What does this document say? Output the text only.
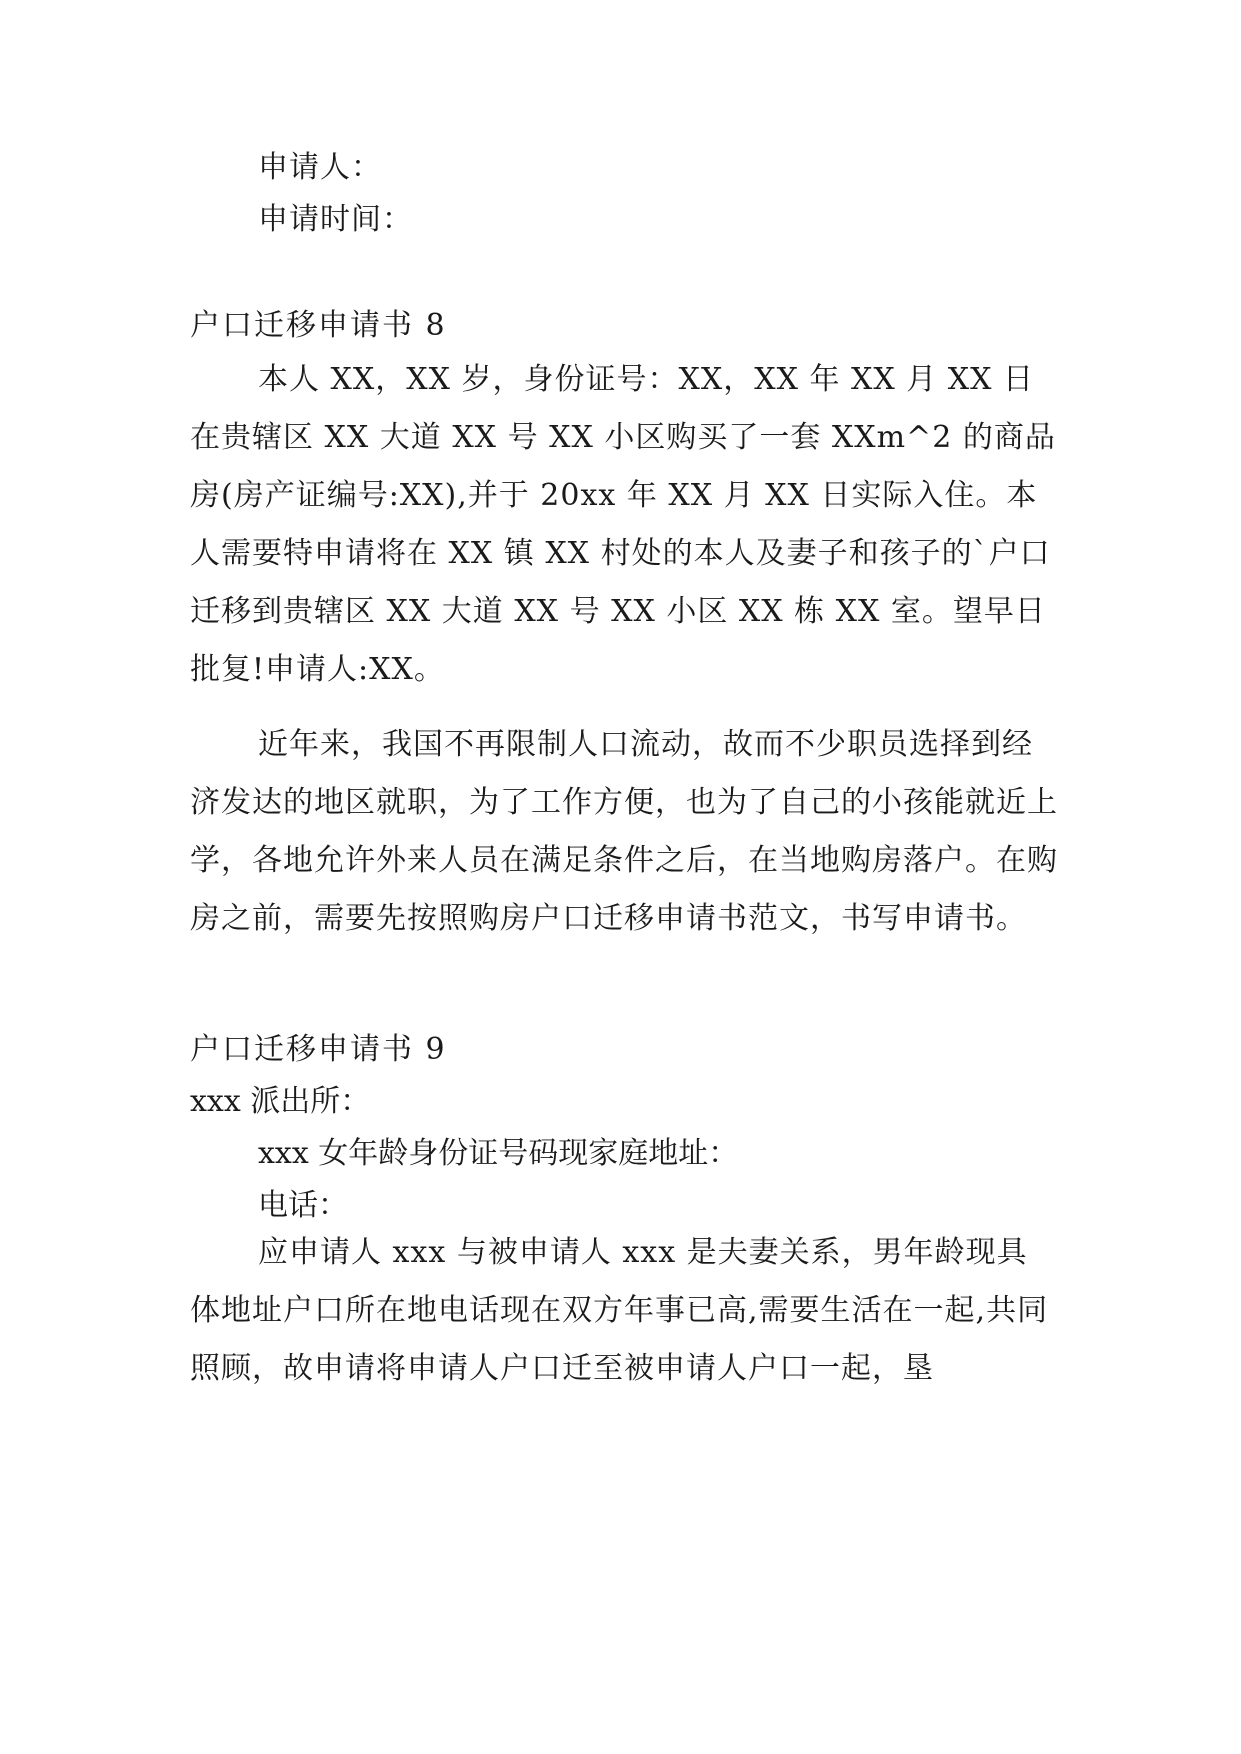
申请人：
申请时间：
户口迁移申请书 8
本人 XX，XX 岁，身份证号：XX，XX 年 XX 月 XX 日在贵辖区 XX 大道 XX 号 XX 小区购买了一套 XXm^2 的商品房(房产证编号:XX),并于 20xx 年 XX 月 XX 日实际入住。本人需要特申请将在 XX 镇 XX 村处的本人及妻子和孩子的`户口迁移到贵辖区 XX 大道 XX 号 XX 小区 XX 栋 XX 室。望早日批复!申请人:XX。
近年来，我国不再限制人口流动，故而不少职员选择到经济发达的地区就职，为了工作方便，也为了自己的小孩能就近上学，各地允许外来人员在满足条件之后，在当地购房落户。在购房之前，需要先按照购房户口迁移申请书范文，书写申请书。
户口迁移申请书 9
xxx 派出所：
xxx 女年龄身份证号码现家庭地址：
电话：
应申请人 xxx 与被申请人 xxx 是夫妻关系，男年龄现具体地址户口所在地电话现在双方年事已高,需要生活在一起,共同照顾，故申请将申请人户口迁至被申请人户口一起，垦
